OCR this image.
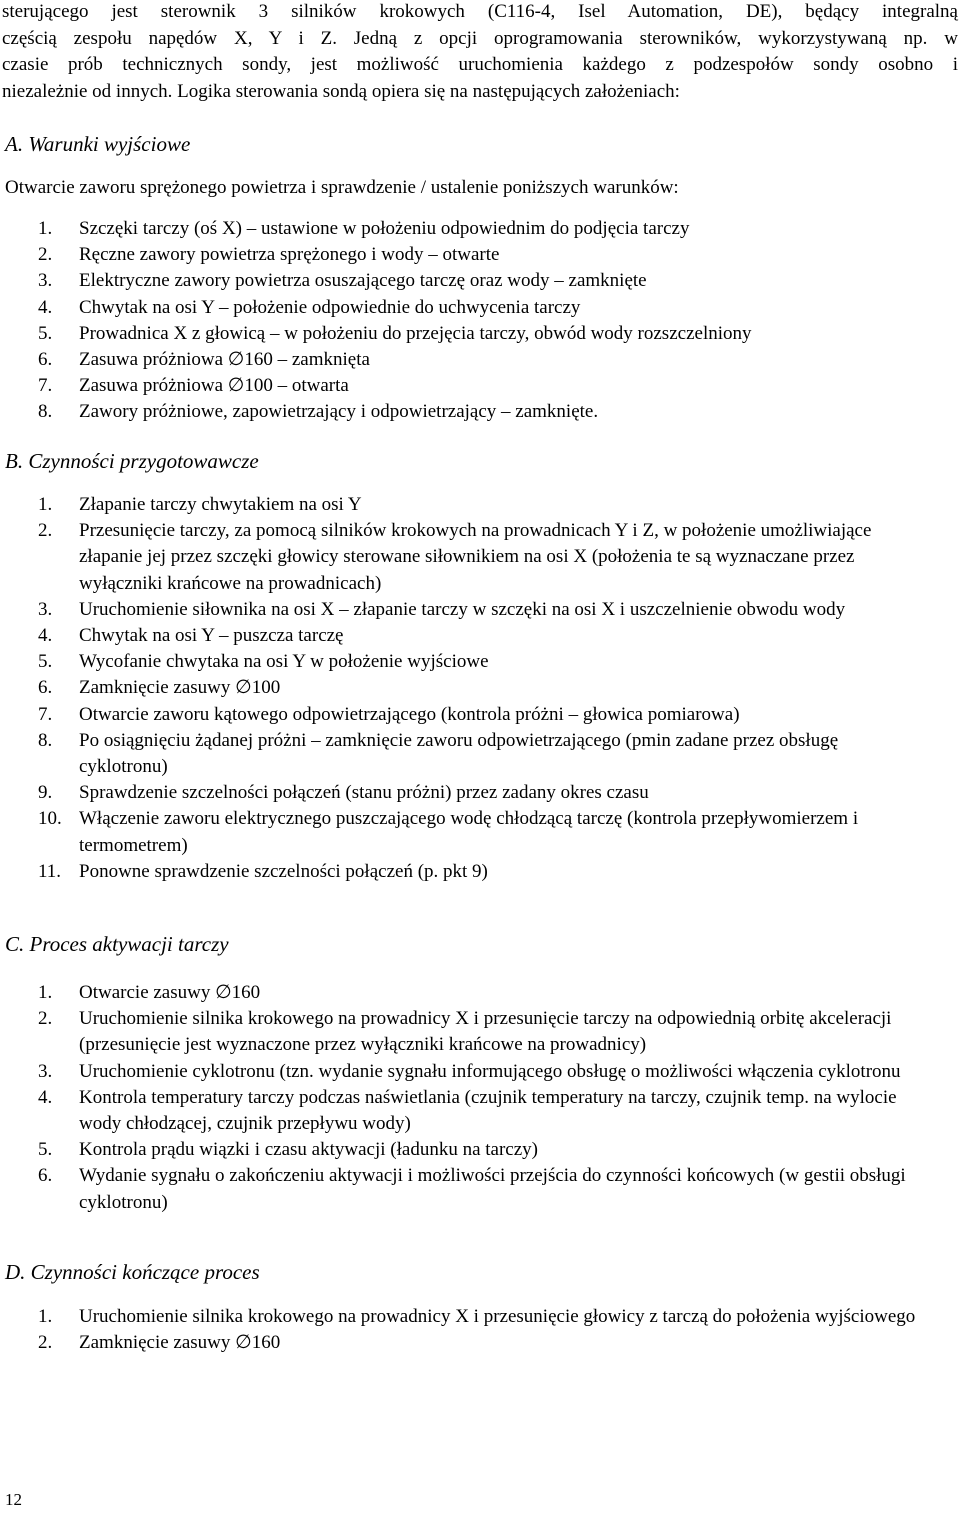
sterującego jest sterownik 3 silników krokowych (C116-4, Isel Automation, DE), będący integralną
częścią zespołu napędów X, Y i Z. Jedną z opcji oprogramowania sterowników, wykorzystywaną np. w
czasie prób technicznych sondy, jest możliwość uruchomienia każdego z podzespołów sondy osobno i
niezależnie od innych. Logika sterowania sondą opiera się na następujących założeniach:
A. Warunki wyjściowe
Otwarcie zaworu sprężonego powietrza i sprawdzenie / ustalenie poniższych warunków:
1. Szczęki tarczy (oś X) – ustawione w położeniu odpowiednim do podjęcia tarczy
2. Ręczne zawory powietrza sprężonego i wody – otwarte
3. Elektryczne zawory powietrza osuszającego tarczę oraz wody – zamknięte
4. Chwytak na osi Y – położenie odpowiednie do uchwycenia tarczy
5. Prowadnica X z głowicą – w położeniu do przejęcia tarczy, obwód wody rozszczelniony
6. Zasuwa próżniowa ∅160 – zamknięta
7. Zasuwa próżniowa ∅100 – otwarta
8. Zawory próżniowe, zapowietrzający i odpowietrzający – zamknięte.
B. Czynności przygotowawcze
1. Złapanie tarczy chwytakiem na osi Y
2. Przesunięcie tarczy, za pomocą silników krokowych na prowadnicach Y i Z, w położenie umożliwiające złapanie jej przez szczęki głowicy sterowane siłownikiem na osi X (położenia te są wyznaczane przez wyłączniki krańcowe na prowadnicach)
3. Uruchomienie siłownika na osi X – złapanie tarczy w szczęki na osi X i uszczelnienie obwodu wody
4. Chwytak na osi Y – puszcza tarczę
5. Wycofanie chwytaka na osi Y w położenie wyjściowe
6. Zamknięcie zasuwy ∅100
7. Otwarcie zaworu kątowego odpowietrzającego (kontrola próżni – głowica pomiarowa)
8. Po osiągnięciu żądanej próżni – zamknięcie zaworu odpowietrzającego (pmin zadane przez obsługę cyklotronu)
9. Sprawdzenie szczelności połączeń (stanu próżni) przez zadany okres czasu
10. Włączenie zaworu elektrycznego puszczającego wodę chłodzącą tarczę (kontrola przepływomierzem i termometrem)
11. Ponowne sprawdzenie szczelności połączeń (p. pkt 9)
C. Proces aktywacji tarczy
1. Otwarcie zasuwy ∅160
2. Uruchomienie silnika krokowego na prowadnicy X i przesunięcie tarczy na odpowiednią orbitę akceleracji (przesunięcie jest wyznaczone przez wyłączniki krańcowe na prowadnicy)
3. Uruchomienie cyklotronu (tzn. wydanie sygnału informującego obsługę o możliwości włączenia cyklotronu
4. Kontrola temperatury tarczy podczas naświetlania (czujnik temperatury na tarczy, czujnik temp. na wylocie wody chłodzącej, czujnik przepływu wody)
5. Kontrola prądu wiązki i czasu aktywacji (ładunku na tarczy)
6. Wydanie sygnału o zakończeniu aktywacji i możliwości przejścia do czynności końcowych (w gestii obsługi cyklotronu)
D. Czynności kończące proces
1. Uruchomienie silnika krokowego na prowadnicy X i przesunięcie głowicy z tarczą do położenia wyjściowego
2. Zamknięcie zasuwy ∅160
12
